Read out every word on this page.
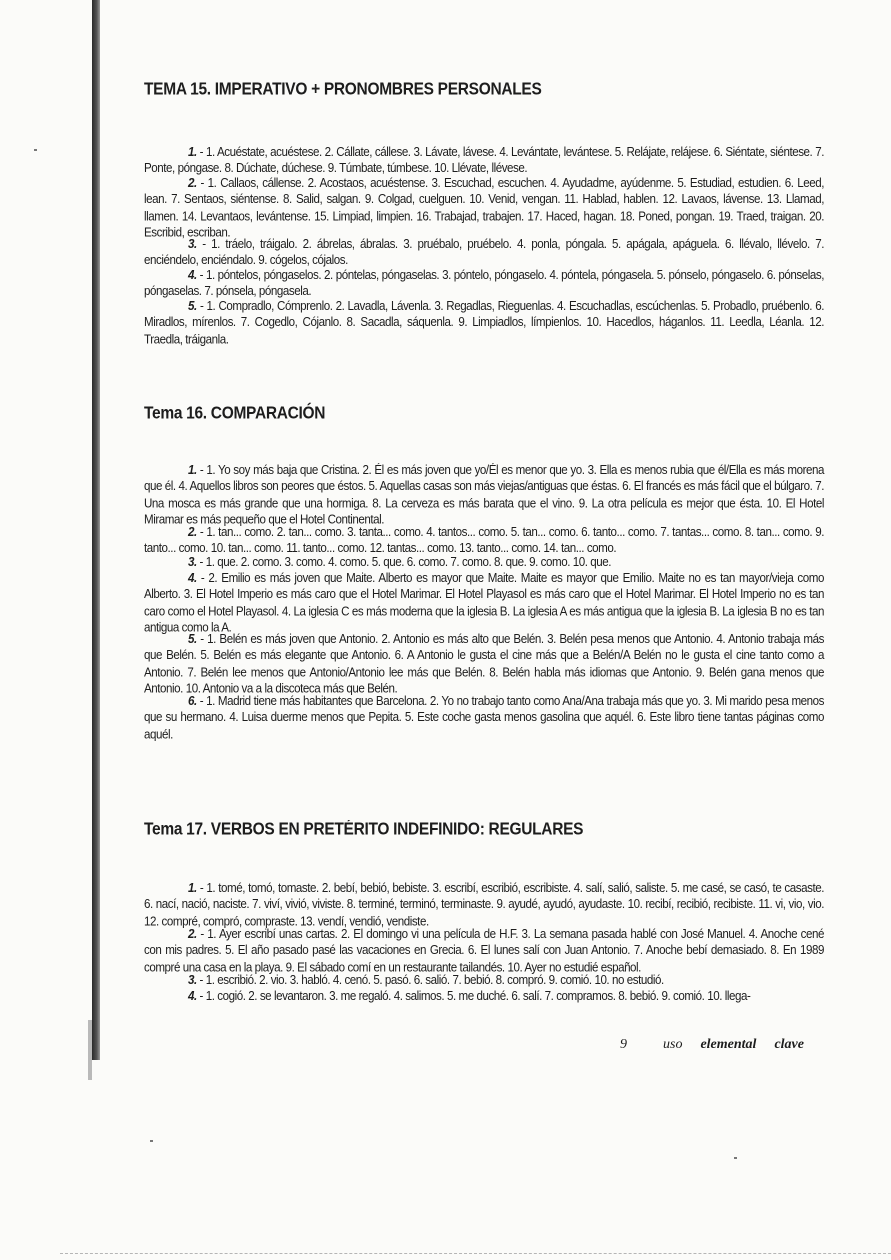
TEMA 15. IMPERATIVO + PRONOMBRES PERSONALES

1. - 1. Acuéstate, acuéstese. 2. Cállate, cállese. 3. Lávate, lávese. 4. Levántate, levántese. 5. Relájate, relájese. 6. Siéntate, siéntese. 7. Ponte, póngase. 8. Dúchate, dúchese. 9. Túmbate, túmbese. 10. Llévate, llévese.

2. - 1. Callaos, cállense. 2. Acostaos, acuéstense. 3. Escuchad, escuchen. 4. Ayudadme, ayúdenme. 5. Estudiad, estudien. 6. Leed, lean. 7. Sentaos, siéntense. 8. Salid, salgan. 9. Colgad, cuelguen. 10. Venid, vengan. 11. Hablad, hablen. 12. Lavaos, lávense. 13. Llamad, llamen. 14. Levantaos, levántense. 15. Limpiad, limpien. 16. Trabajad, trabajen. 17. Haced, hagan. 18. Poned, pongan. 19. Traed, traigan. 20. Escribid, escriban.

3. - 1. tráelo, tráigalo. 2. ábrelas, ábralas. 3. pruébalo, pruébelo. 4. ponla, póngala. 5. apágala, apáguela. 6. llévalo, llévelo. 7. enciéndelo, enciéndalo. 9. cógelos, cójalos.

4. - 1. póntelos, póngaselos. 2. póntelas, póngaselas. 3. póntelo, póngaselo. 4. póntela, póngasela. 5. pónselo, póngaselo. 6. pónselas, póngaselas. 7. pónsela, póngasela.

5. - 1. Compradlo, Cómprenlo. 2. Lavadla, Lávenla. 3. Regadlas, Rieguenlas. 4. Escuchadlas, escúchenlas. 5. Probadlo, pruébenlo. 6. Miradlos, mírenlos. 7. Cogedlo, Cójanlo. 8. Sacadla, sáquenla. 9. Limpiadlos, límpienlos. 10. Hacedlos, háganlos. 11. Leedla, Léanla. 12. Traedla, tráiganla.

Tema 16. COMPARACIÓN

1. - 1. Yo soy más baja que Cristina. 2. Él es más joven que yo/Él es menor que yo. 3. Ella es menos rubia que él/Ella es más morena que él. 4. Aquellos libros son peores que éstos. 5. Aquellas casas son más viejas/antiguas que éstas. 6. El francés es más fácil que el búlgaro. 7. Una mosca es más grande que una hormiga. 8. La cerveza es más barata que el vino. 9. La otra película es mejor que ésta. 10. El Hotel Miramar es más pequeño que el Hotel Continental.

2. - 1. tan... como. 2. tan... como. 3. tanta... como. 4. tantos... como. 5. tan... como. 6. tanto... como. 7. tantas... como. 8. tan... como. 9. tanto... como. 10. tan... como. 11. tanto... como. 12. tantas... como. 13. tanto... como. 14. tan... como.

3. - 1. que. 2. como. 3. como. 4. como. 5. que. 6. como. 7. como. 8. que. 9. como. 10. que.

4. - 2. Emilio es más joven que Maite. Alberto es mayor que Maite. Maite es mayor que Emilio. Maite no es tan mayor/vieja como Alberto. 3. El Hotel Imperio es más caro que el Hotel Marimar. El Hotel Playasol es más caro que el Hotel Marimar. El Hotel Imperio no es tan caro como el Hotel Playasol. 4. La iglesia C es más moderna que la iglesia B. La iglesia A es más antigua que la iglesia B. La iglesia B no es tan antigua como la A.

5. - 1. Belén es más joven que Antonio. 2. Antonio es más alto que Belén. 3. Belén pesa menos que Antonio. 4. Antonio trabaja más que Belén. 5. Belén es más elegante que Antonio. 6. A Antonio le gusta el cine más que a Belén/A Belén no le gusta el cine tanto como a Antonio. 7. Belén lee menos que Antonio/Antonio lee más que Belén. 8. Belén habla más idiomas que Antonio. 9. Belén gana menos que Antonio. 10. Antonio va a la discoteca más que Belén.

6. - 1. Madrid tiene más habitantes que Barcelona. 2. Yo no trabajo tanto como Ana/Ana trabaja más que yo. 3. Mi marido pesa menos que su hermano. 4. Luisa duerme menos que Pepita. 5. Este coche gasta menos gasolina que aquél. 6. Este libro tiene tantas páginas como aquél.

Tema 17. VERBOS EN PRETÉRITO INDEFINIDO: REGULARES

1. - 1. tomé, tomó, tomaste. 2. bebí, bebió, bebiste. 3. escribí, escribió, escribiste. 4. salí, salió, saliste. 5. me casé, se casó, te casaste. 6. nací, nació, naciste. 7. viví, vivió, viviste. 8. terminé, terminó, terminaste. 9. ayudé, ayudó, ayudaste. 10. recibí, recibió, recibiste. 11. vi, vio, vio. 12. compré, compró, compraste. 13. vendí, vendió, vendiste.

2. - 1. Ayer escribí unas cartas. 2. El domingo vi una película de H.F. 3. La semana pasada hablé con José Manuel. 4. Anoche cené con mis padres. 5. El año pasado pasé las vacaciones en Grecia. 6. El lunes salí con Juan Antonio. 7. Anoche bebí demasiado. 8. En 1989 compré una casa en la playa. 9. El sábado comí en un restaurante tailandés. 10. Ayer no estudié español.

3. - 1. escribió. 2. vio. 3. habló. 4. cenó. 5. pasó. 6. salió. 7. bebió. 8. compró. 9. comió. 10. no estudió.

4. - 1. cogió. 2. se levantaron. 3. me regaló. 4. salimos. 5. me duché. 6. salí. 7. compramos. 8. bebió. 9. comió. 10. llega-

9	uso elemental clave
